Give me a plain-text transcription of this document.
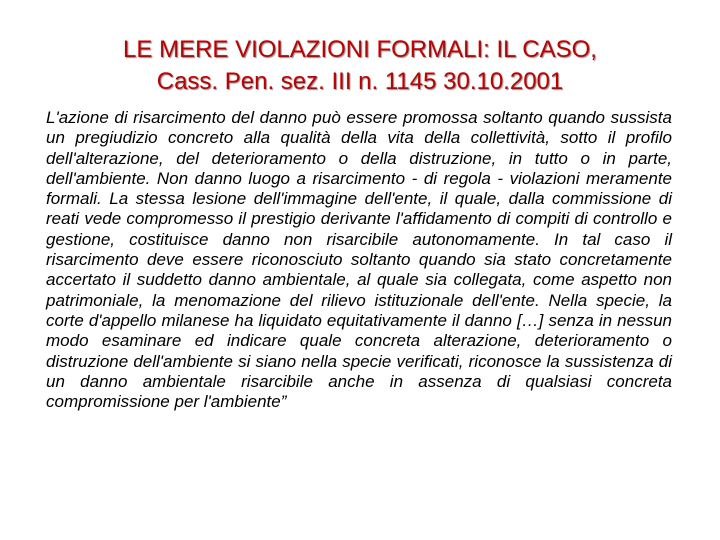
LE MERE VIOLAZIONI FORMALI: IL CASO,
Cass. Pen. sez. III n. 1145 30.10.2001

L'azione di risarcimento del danno può essere promossa soltanto quando sussista un pregiudizio concreto alla qualità della vita della collettività, sotto il profilo dell'alterazione, del deterioramento o della distruzione, in tutto o in parte, dell'ambiente. Non danno luogo a risarcimento - di regola - violazioni meramente formali. La stessa lesione dell'immagine dell'ente, il quale, dalla commissione di reati vede compromesso il prestigio derivante l'affidamento di compiti di controllo e gestione, costituisce danno non risarcibile autonomamente. In tal caso il risarcimento deve essere riconosciuto soltanto quando sia stato concretamente accertato il suddetto danno ambientale, al quale sia collegata, come aspetto non patrimoniale, la menomazione del rilievo istituzionale dell'ente. Nella specie, la corte d'appello milanese ha liquidato equitativamente il danno […] senza in nessun modo esaminare ed indicare quale concreta alterazione, deterioramento o distruzione dell'ambiente si siano nella specie verificati, riconosce la sussistenza di un danno ambientale risarcibile anche in assenza di qualsiasi concreta compromissione per l'ambiente”
